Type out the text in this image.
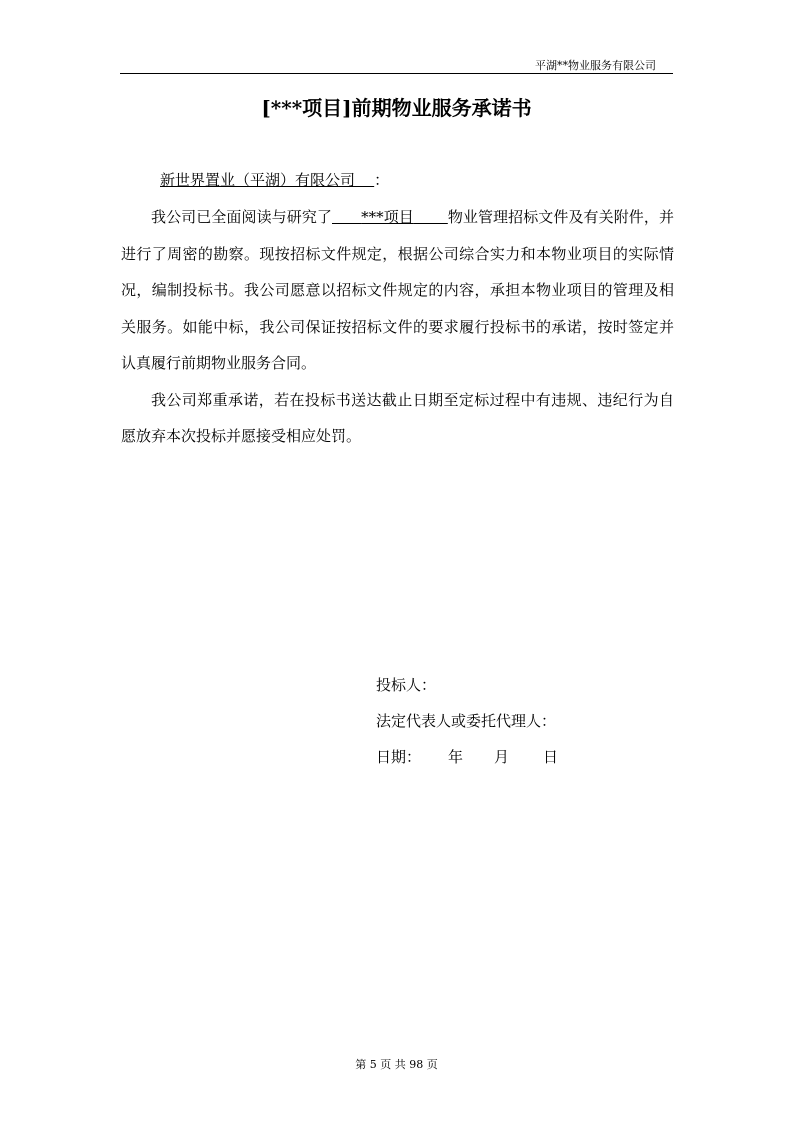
平湖**物业服务有限公司
[***项目]前期物业服务承诺书
新世界置业（平湖）有限公司 ：

我公司已全面阅读与研究了 ***项目 物业管理招标文件及有关附件，并进行了周密的勘察。现按招标文件规定，根据公司综合实力和本物业项目的实际情况，编制投标书。我公司愿意以招标文件规定的内容，承担本物业项目的管理及相关服务。如能中标，我公司保证按招标文件的要求履行投标书的承诺，按时签定并认真履行前期物业服务合同。

我公司郑重承诺，若在投标书送达截止日期至定标过程中有违规、违纪行为自愿放弃本次投标并愿接受相应处罚。

投标人：
法定代表人或委托代理人：
日期： 年 月 日
第 5 页 共 98 页
